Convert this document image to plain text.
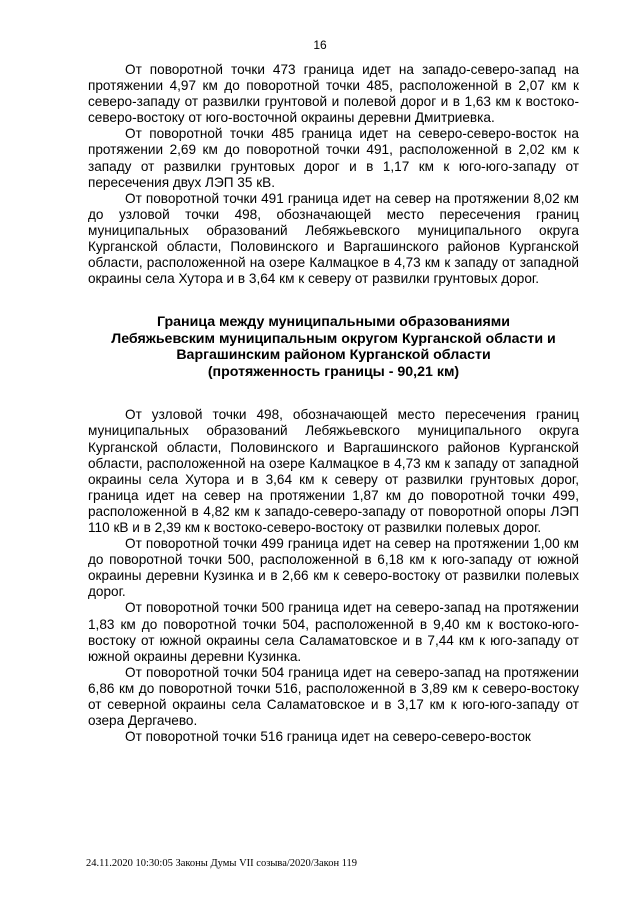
16

От поворотной точки 473 граница идет на западо-северо-запад на протяжении 4,97 км до поворотной точки 485, расположенной в 2,07 км к северо-западу от развилки грунтовой и полевой дорог и в 1,63 км к востоко-северо-востоку от юго-восточной окраины деревни Дмитриевка.

От поворотной точки 485 граница идет на северо-северо-восток на протяжении 2,69 км до поворотной точки 491, расположенной в 2,02 км к западу от развилки грунтовых дорог и в 1,17 км к юго-юго-западу от пересечения двух ЛЭП 35 кВ.

От поворотной точки 491 граница идет на север на протяжении 8,02 км до узловой точки 498, обозначающей место пересечения границ муниципальных образований Лебяжьевского муниципального округа Курганской области, Половинского и Варгашинского районов Курганской области, расположенной на озере Калмацкое в 4,73 км к западу от западной окраины села Хутора и в 3,64 км к северу от развилки грунтовых дорог.

Граница между муниципальными образованиями
Лебяжьевским муниципальным округом Курганской области и
Варгашинским районом Курганской области
(протяженность границы - 90,21 км)

От узловой точки 498, обозначающей место пересечения границ муниципальных образований Лебяжьевского муниципального округа Курганской области, Половинского и Варгашинского районов Курганской области, расположенной на озере Калмацкое в 4,73 км к западу от западной окраины села Хутора и в 3,64 км к северу от развилки грунтовых дорог, граница идет на север на протяжении 1,87 км до поворотной точки 499, расположенной в 4,82 км к западо-северо-западу от поворотной опоры ЛЭП 110 кВ и в 2,39 км к востоко-северо-востоку от развилки полевых дорог.

От поворотной точки 499 граница идет на север на протяжении 1,00 км до поворотной точки 500, расположенной в 6,18 км к юго-западу от южной окраины деревни Кузинка и в 2,66 км к северо-востоку от развилки полевых дорог.

От поворотной точки 500 граница идет на северо-запад на протяжении 1,83 км до поворотной точки 504, расположенной в 9,40 км к востоко-юго-востоку от южной окраины села Саламатовское и в 7,44 км к юго-западу от южной окраины деревни Кузинка.

От поворотной точки 504 граница идет на северо-запад на протяжении 6,86 км до поворотной точки 516, расположенной в 3,89 км к северо-востоку от северной окраины села Саламатовское и в 3,17 км к юго-юго-западу от озера Дергачево.

От поворотной точки 516 граница идет на северо-северо-восток

24.11.2020 10:30:05 Законы Думы VII созыва/2020/Закон 119
